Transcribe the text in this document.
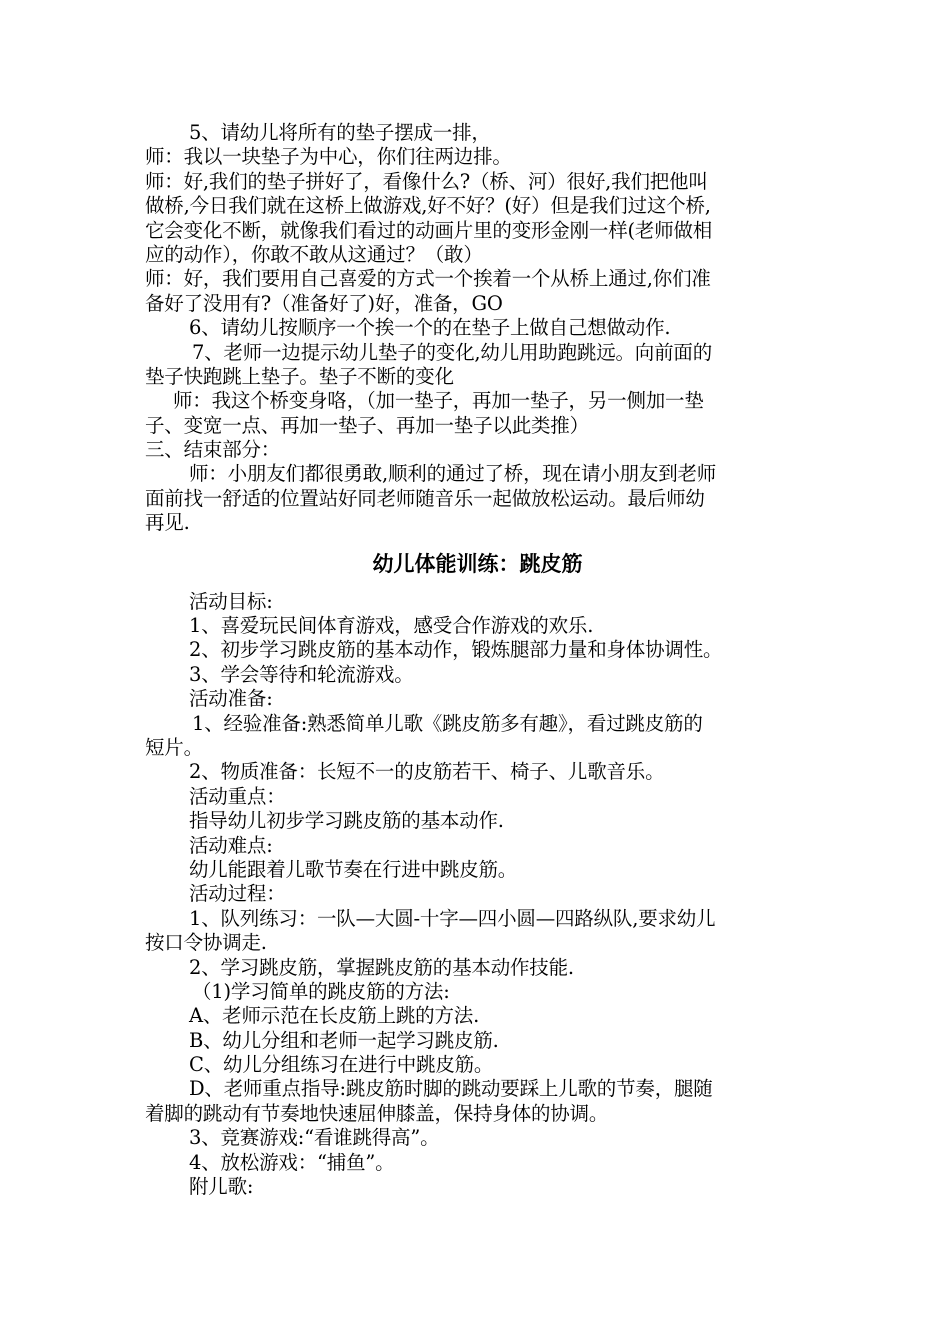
5、请幼儿将所有的垫子摆成一排，
师：我以一块垫子为中心，你们往两边排。
师：好,我们的垫子拼好了，看像什么?（桥、河）很好,我们把他叫
做桥,今日我们就在这桥上做游戏,好不好？(好）但是我们过这个桥,
它会变化不断，就像我们看过的动画片里的变形金刚一样(老师做相
应的动作），你敢不敢从这通过？（敢）
师：好，我们要用自己喜爱的方式一个挨着一个从桥上通过,你们准
备好了没用有?（准备好了)好，准备，GO
6、请幼儿按顺序一个挨一个的在垫子上做自己想做动作.
7、老师一边提示幼儿垫子的变化,幼儿用助跑跳远。向前面的
垫子快跑跳上垫子。垫子不断的变化
师：我这个桥变身咯，（加一垫子，再加一垫子，另一侧加一垫
子、变宽一点、再加一垫子、再加一垫子以此类推）
三、结束部分：
师：小朋友们都很勇敢,顺利的通过了桥，现在请小朋友到老师
面前找一舒适的位置站好同老师随音乐一起做放松运动。最后师幼
再见.
幼儿体能训练：跳皮筋
活动目标:
1、喜爱玩民间体育游戏，感受合作游戏的欢乐.
2、初步学习跳皮筋的基本动作，锻炼腿部力量和身体协调性。
3、学会等待和轮流游戏。
活动准备:
1、经验准备:熟悉简单儿歌《跳皮筋多有趣》，看过跳皮筋的
短片。
2、物质准备：长短不一的皮筋若干、椅子、儿歌音乐。
活动重点：
指导幼儿初步学习跳皮筋的基本动作.
活动难点:
幼儿能跟着儿歌节奏在行进中跳皮筋。
活动过程：
1、队列练习：一队—大圆-十字—四小圆—四路纵队,要求幼儿
按口令协调走.
2、学习跳皮筋，掌握跳皮筋的基本动作技能.
（1)学习简单的跳皮筋的方法:
A、老师示范在长皮筋上跳的方法.
B、幼儿分组和老师一起学习跳皮筋.
C、幼儿分组练习在进行中跳皮筋。
D、老师重点指导:跳皮筋时脚的跳动要踩上儿歌的节奏，腿随
着脚的跳动有节奏地快速屈伸膝盖，保持身体的协调。
3、竞赛游戏:“看谁跳得高”。
4、放松游戏：“捕鱼”。
附儿歌:
